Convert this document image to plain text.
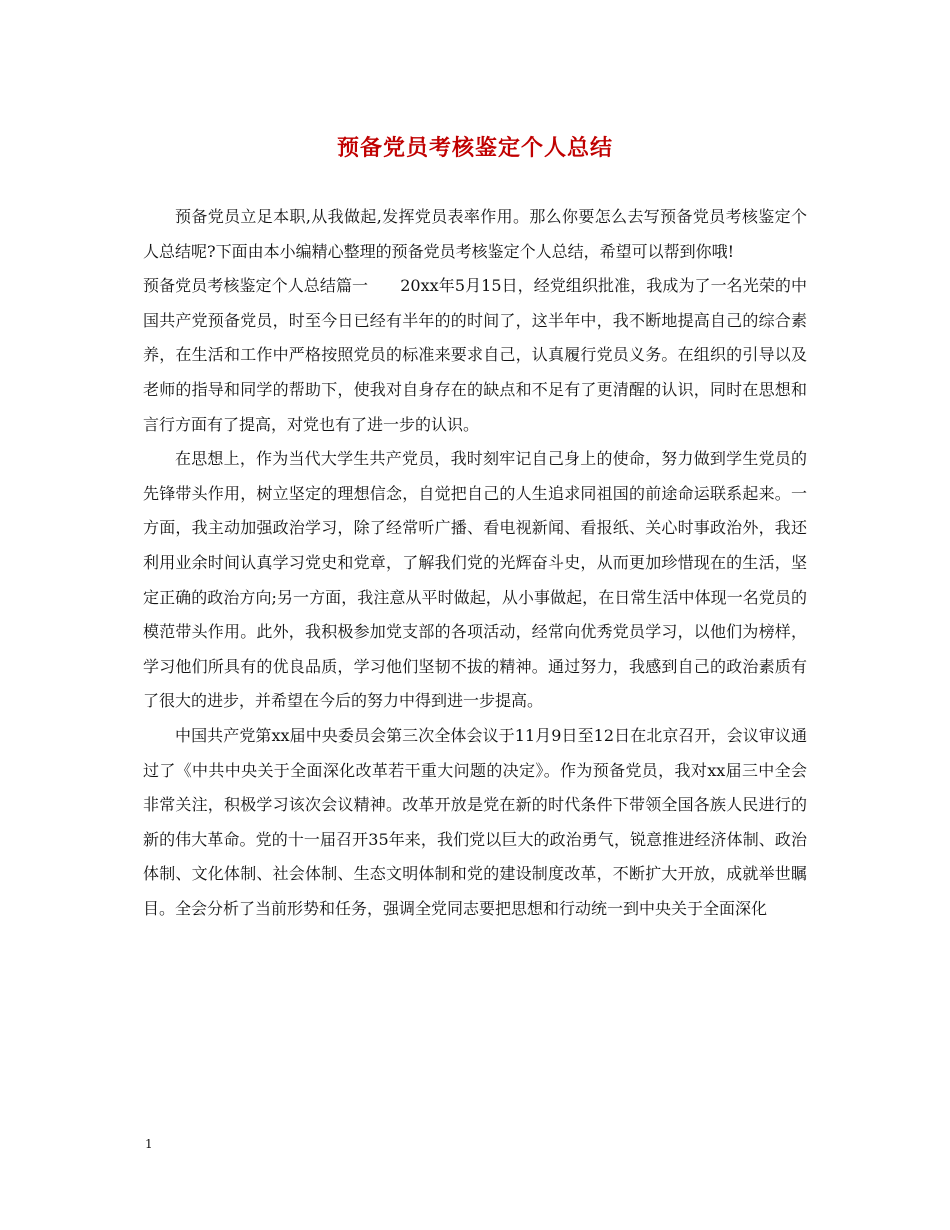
预备党员考核鉴定个人总结

预备党员立足本职,从我做起,发挥党员表率作用。那么你要怎么去写预备党员考核鉴定个人总结呢?下面由本小编精心整理的预备党员考核鉴定个人总结，希望可以帮到你哦!

预备党员考核鉴定个人总结篇一　　20xx年5月15日，经党组织批准，我成为了一名光荣的中国共产党预备党员，时至今日已经有半年的的时间了，这半年中，我不断地提高自己的综合素养，在生活和工作中严格按照党员的标准来要求自己，认真履行党员义务。在组织的引导以及老师的指导和同学的帮助下，使我对自身存在的缺点和不足有了更清醒的认识，同时在思想和言行方面有了提高，对党也有了进一步的认识。

在思想上，作为当代大学生共产党员，我时刻牢记自己身上的使命，努力做到学生党员的先锋带头作用，树立坚定的理想信念，自觉把自己的人生追求同祖国的前途命运联系起来。一方面，我主动加强政治学习，除了经常听广播、看电视新闻、看报纸、关心时事政治外，我还利用业余时间认真学习党史和党章，了解我们党的光辉奋斗史，从而更加珍惜现在的生活，坚定正确的政治方向;另一方面，我注意从平时做起，从小事做起，在日常生活中体现一名党员的模范带头作用。此外，我积极参加党支部的各项活动，经常向优秀党员学习，以他们为榜样，学习他们所具有的优良品质，学习他们坚韧不拔的精神。通过努力，我感到自己的政治素质有了很大的进步，并希望在今后的努力中得到进一步提高。

中国共产党第xx届中央委员会第三次全体会议于11月9日至12日在北京召开，会议审议通过了《中共中央关于全面深化改革若干重大问题的决定》。作为预备党员，我对xx届三中全会非常关注，积极学习该次会议精神。改革开放是党在新的时代条件下带领全国各族人民进行的新的伟大革命。党的十一届召开35年来，我们党以巨大的政治勇气，锐意推进经济体制、政治体制、文化体制、社会体制、生态文明体制和党的建设制度改革，不断扩大开放，成就举世瞩目。全会分析了当前形势和任务，强调全党同志要把思想和行动统一到中央关于全面深化

1
